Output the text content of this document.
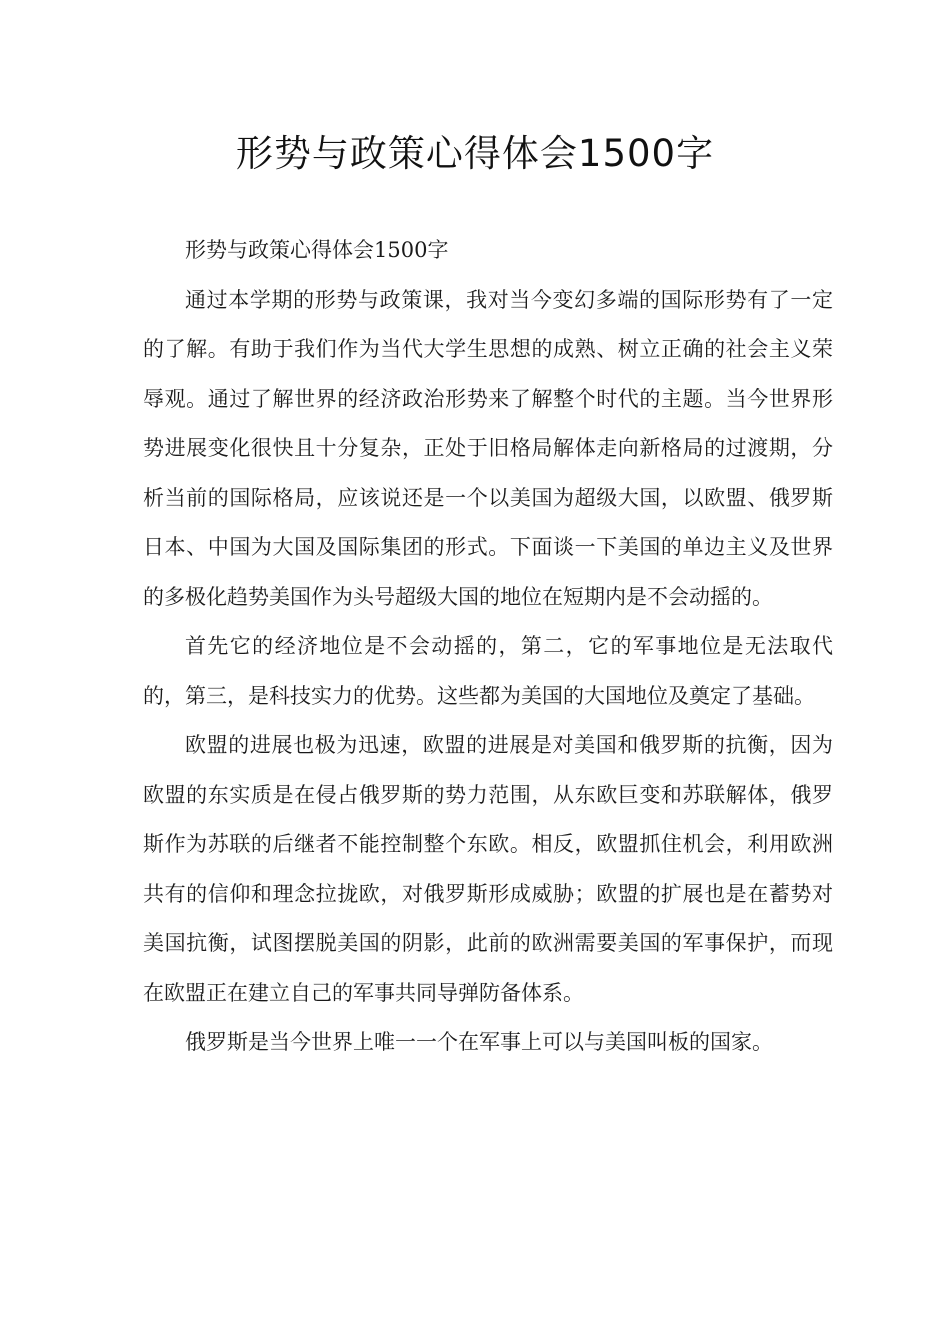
形势与政策心得体会1500字

形势与政策心得体会1500字

通过本学期的形势与政策课，我对当今变幻多端的国际形势有了一定的了解。有助于我们作为当代大学生思想的成熟、树立正确的社会主义荣辱观。通过了解世界的经济政治形势来了解整个时代的主题。当今世界形势进展变化很快且十分复杂，正处于旧格局解体走向新格局的过渡期，分析当前的国际格局，应该说还是一个以美国为超级大国，以欧盟、俄罗斯日本、中国为大国及国际集团的形式。下面谈一下美国的单边主义及世界的多极化趋势美国作为头号超级大国的地位在短期内是不会动摇的。

首先它的经济地位是不会动摇的，第二，它的军事地位是无法取代的，第三，是科技实力的优势。这些都为美国的大国地位及奠定了基础。

欧盟的进展也极为迅速，欧盟的进展是对美国和俄罗斯的抗衡，因为欧盟的东实质是在侵占俄罗斯的势力范围，从东欧巨变和苏联解体，俄罗斯作为苏联的后继者不能控制整个东欧。相反，欧盟抓住机会，利用欧洲共有的信仰和理念拉拢欧，对俄罗斯形成威胁；欧盟的扩展也是在蓄势对美国抗衡，试图摆脱美国的阴影，此前的欧洲需要美国的军事保护，而现在欧盟正在建立自己的军事共同导弹防备体系。

俄罗斯是当今世界上唯一一个在军事上可以与美国叫板的国家。
